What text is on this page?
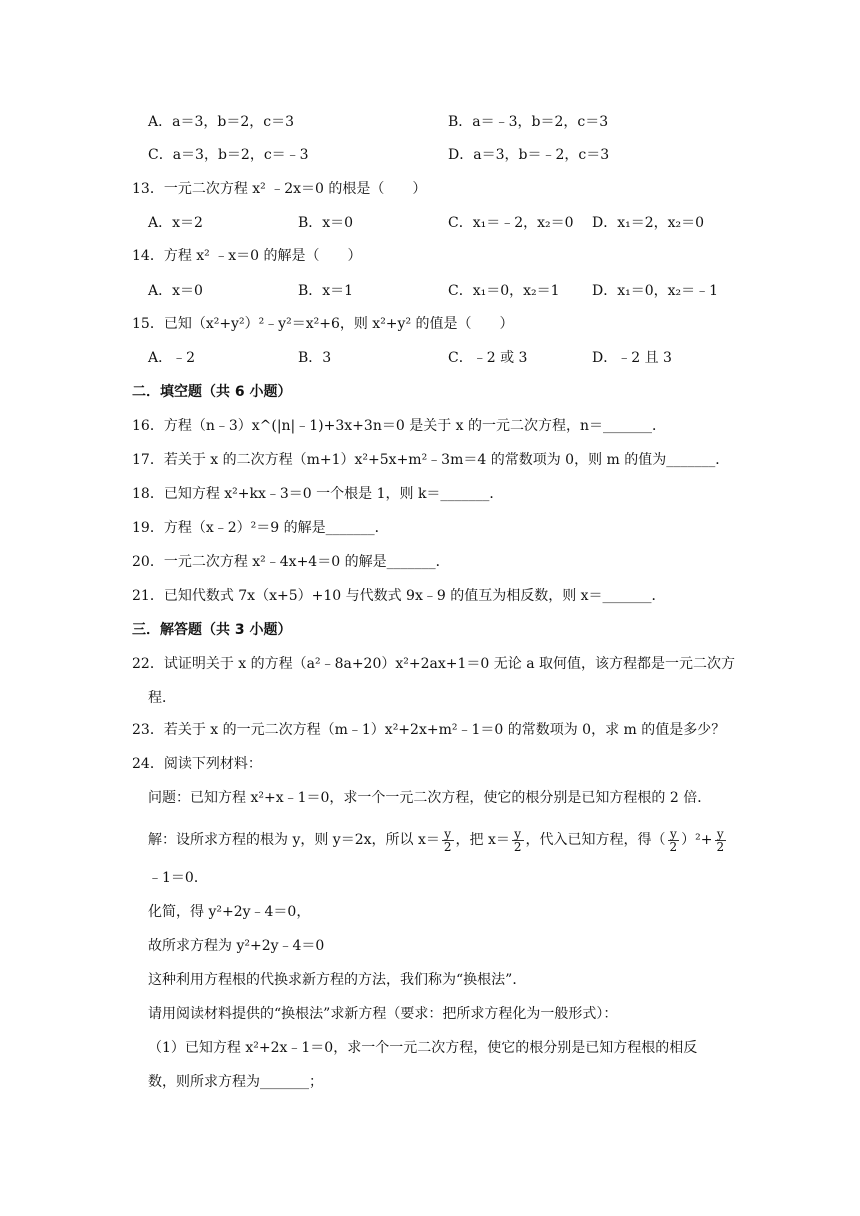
A．a＝3，b＝2，c＝3	B．a＝﹣3，b＝2，c＝3
C．a＝3，b＝2，c＝﹣3	D．a＝3，b＝﹣2，c＝3
13．一元二次方程 x² ﹣2x＝0 的根是（　　）
A．x＝2	B．x＝0	C．x₁＝﹣2，x₂＝0 D．x₁＝2，x₂＝0
14．方程 x² ﹣x＝0 的解是（　　）
A．x＝0	B．x＝1	C．x₁＝0，x₂＝1 D．x₁＝0，x₂＝﹣1
15．已知（x²+y²）²﹣y²＝x²+6，则 x²+y² 的值是（　　）
A．﹣2	B．3	C．﹣2 或 3	D．﹣2 且 3
二．填空题（共 6 小题）
16．方程（n﹣3）x^(|n|﹣1)+3x+3n＝0 是关于 x 的一元二次方程，n＝_______．
17．若关于 x 的二次方程（m+1）x²+5x+m²﹣3m＝4 的常数项为 0，则 m 的值为_______．
18．已知方程 x²+kx﹣3＝0 一个根是 1，则 k＝_______．
19．方程（x﹣2）²＝9 的解是_______．
20．一元二次方程 x²﹣4x+4＝0 的解是_______．
21．已知代数式 7x（x+5）+10 与代数式 9x﹣9 的值互为相反数，则 x＝_______．
三．解答题（共 3 小题）
22．试证明关于 x 的方程（a²﹣8a+20）x²+2ax+1＝0 无论 a 取何值，该方程都是一元二次方
程．
23．若关于 x 的一元二次方程（m﹣1）x²+2x+m²﹣1＝0 的常数项为 0，求 m 的值是多少？
24．阅读下列材料：
问题：已知方程 x²+x﹣1＝0，求一个一元二次方程，使它的根分别是已知方程根的 2 倍．
解：设所求方程的根为 y，则 y＝2x，所以 $x= \frac{y}{2}$ ，把 $x= \frac{y}{2}$ ，代入已知方程，得（ $\frac{y}{2} )^2+ \frac{y}{2}$
﹣1＝0．
化简，得 y²+2y﹣4＝0，
故所求方程为 y²+2y﹣4＝0
这种利用方程根的代换求新方程的方法，我们称为“换根法”．
请用阅读材料提供的“换根法”求新方程（要求：把所求方程化为一般形式）：
（1）已知方程 x²+2x﹣1＝0，求一个一元二次方程，使它的根分别是已知方程根的相反
数，则所求方程为_______；
